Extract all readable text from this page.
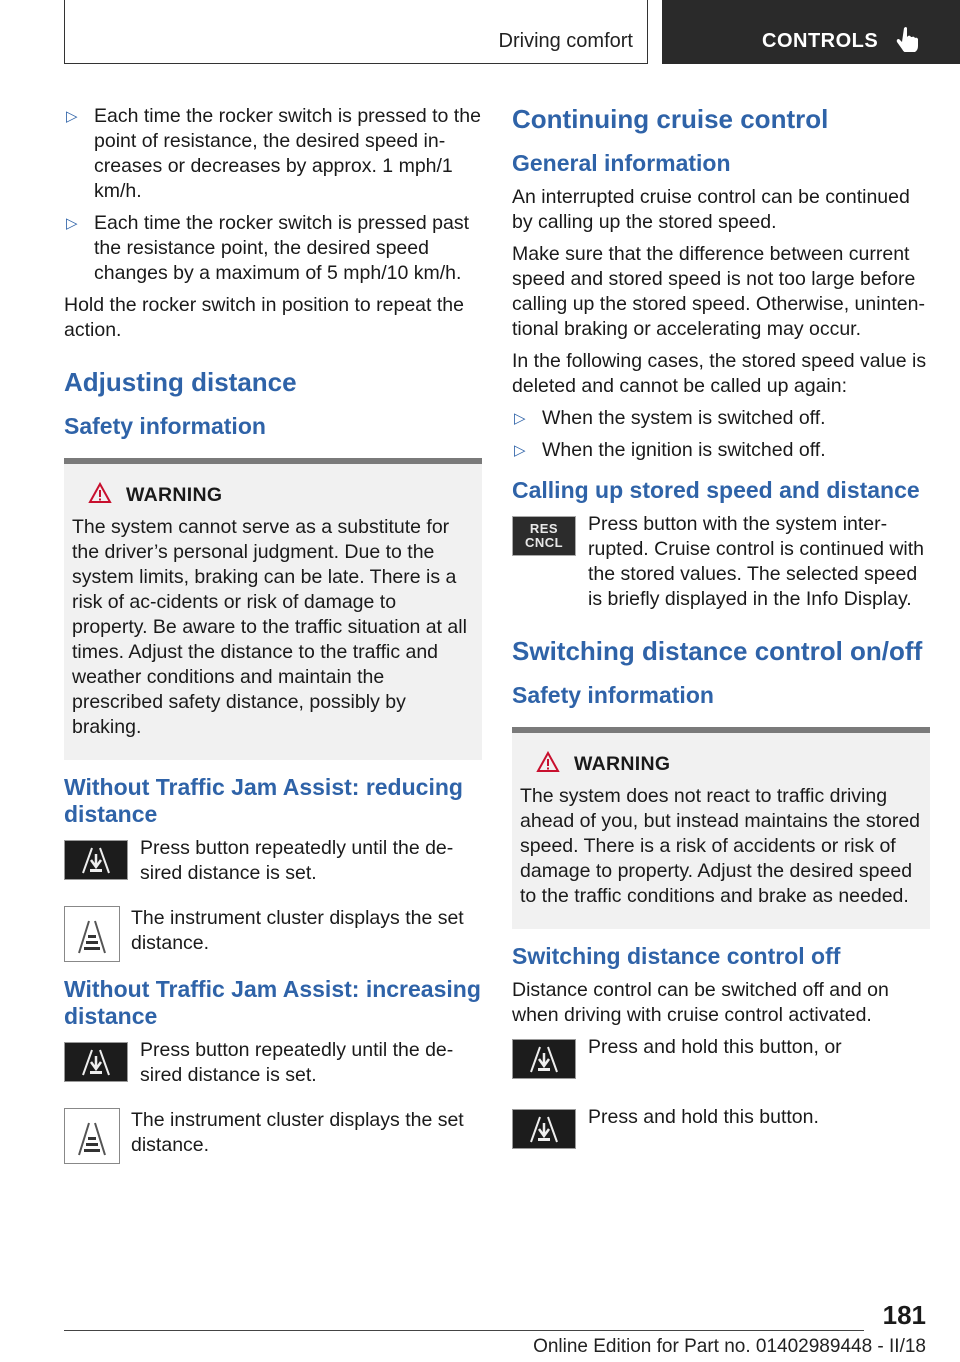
Driving comfort	CONTROLS
▷ Each time the rocker switch is pressed to the point of resistance, the desired speed in-creases or decreases by approx. 1 mph/1 km/h.
▷ Each time the rocker switch is pressed past the resistance point, the desired speed changes by a maximum of 5 mph/10 km/h.

Hold the rocker switch in position to repeat the action.

Adjusting distance
Safety information
WARNING

The system cannot serve as a substitute for the driver’s personal judgment. Due to the system limits, braking can be late. There is a risk of ac-cidents or risk of damage to property. Be aware to the traffic situation at all times. Adjust the distance to the traffic and weather conditions and maintain the prescribed safety distance, possibly by braking.

Without Traffic Jam Assist: reducing distance

Press button repeatedly until the de-sired distance is set.

The instrument cluster displays the set distance.

Without Traffic Jam Assist: increasing distance

Press button repeatedly until the de-sired distance is set.

The instrument cluster displays the set distance.

Continuing cruise control
General information

An interrupted cruise control can be continued by calling up the stored speed.

Make sure that the difference between current speed and stored speed is not too large before calling up the stored speed. Otherwise, uninten-tional braking or accelerating may occur.

In the following cases, the stored speed value is deleted and cannot be called up again:

▷ When the system is switched off.
▷ When the ignition is switched off.
Calling up stored speed and distance
RES CNCL

Press button with the system inter-rupted. Cruise control is continued with the stored values. The selected speed is briefly displayed in the Info Display.

Switching distance control on/off
Safety information
WARNING

The system does not react to traffic driving ahead of you, but instead maintains the stored speed. There is a risk of accidents or risk of damage to property. Adjust the desired speed to the traffic conditions and brake as needed.

Switching distance control off

Distance control can be switched off and on when driving with cruise control activated.

Press and hold this button, or

Press and hold this button.

181
Online Edition for Part no. 01402989448 - II/18
